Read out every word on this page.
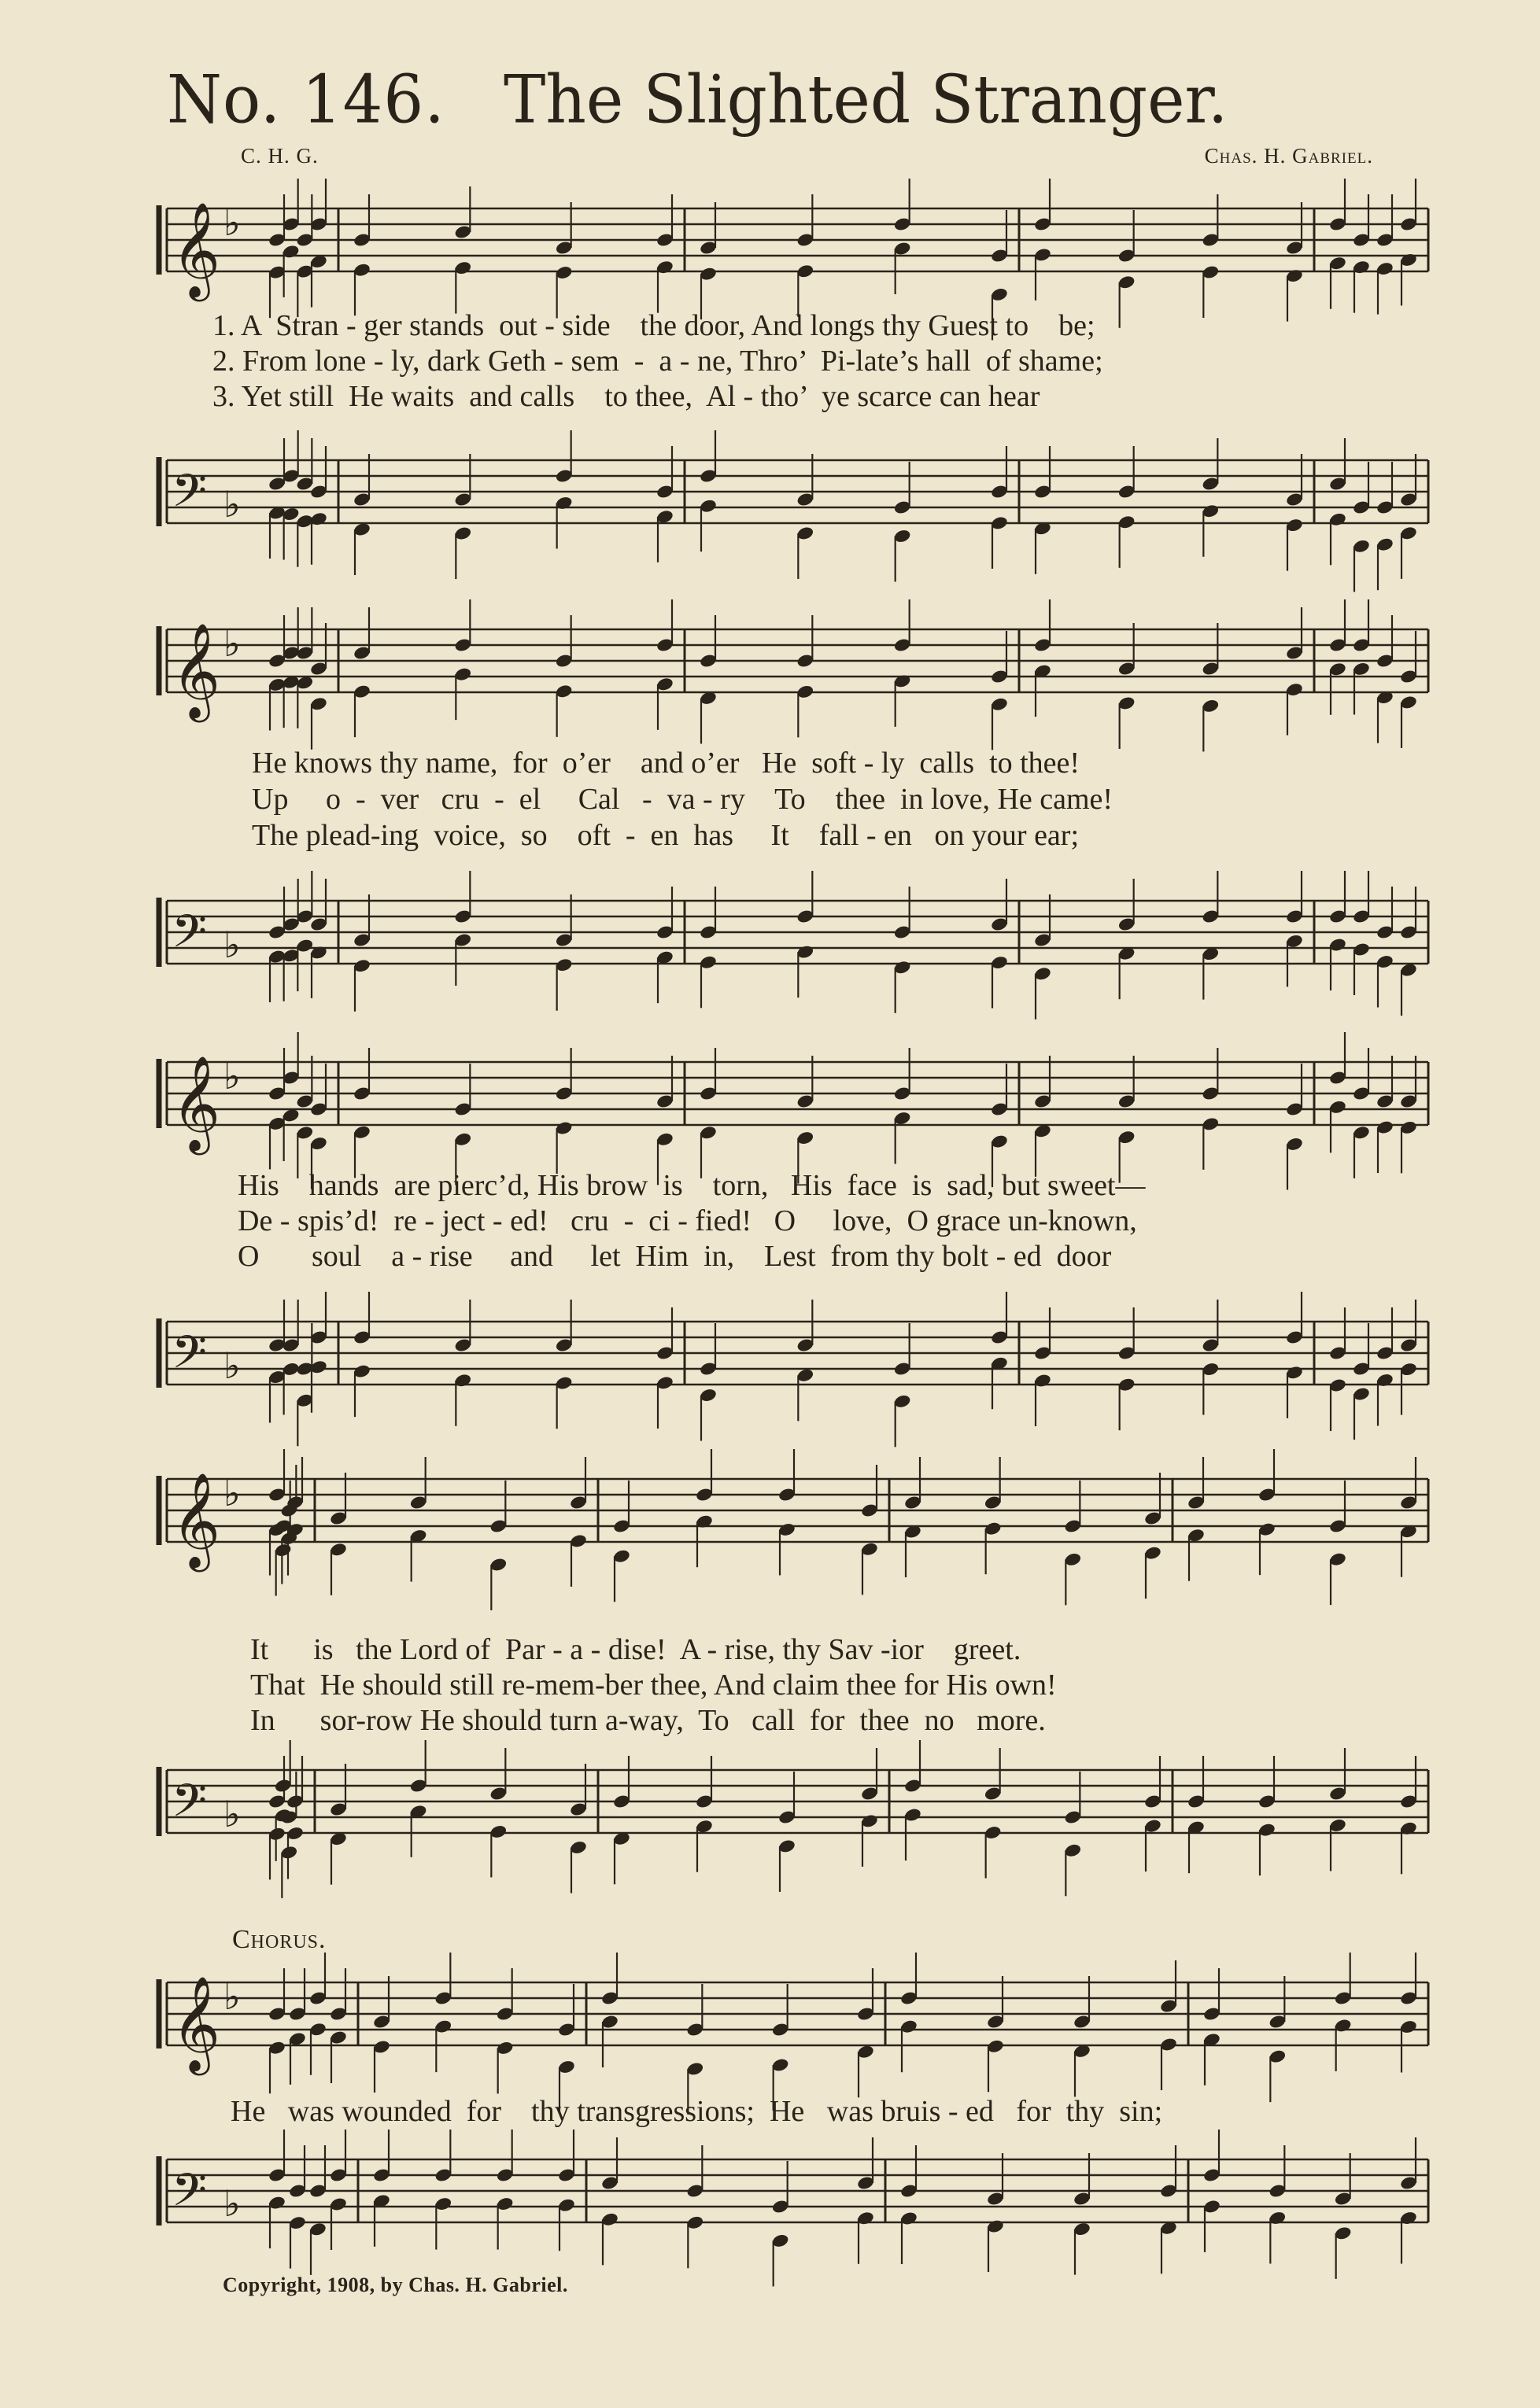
No. 146. The Slighted Stranger.
C. H. G.	Chas. H. Gabriel.
𝄞 ♭
1. A  Stran - ger stands  out - side    the door, And longs thy Guest to    be;
2. From lone - ly, dark Geth - sem  -  a - ne, Thro’  Pi-late’s hall  of shame;
3. Yet still  He waits  and calls    to thee,  Al - tho’  ye scarce can hear
𝄢 ♭
𝄞 ♭
He knows thy name,  for  o’er    and o’er   He  soft - ly  calls  to thee!
Up     o  -  ver   cru  -  el     Cal   -  va - ry    To    thee  in love, He came!
The plead-ing  voice,  so    oft  -  en  has     It    fall - en   on your ear;
𝄢 ♭
𝄞 ♭
His    hands  are pierc’d, His brow  is    torn,   His  face  is  sad, but sweet—
De - spis’d!  re - ject - ed!   cru  -  ci - fied!   O     love,  O grace un-known,
O       soul    a - rise     and     let  Him  in,    Lest  from thy bolt - ed  door
𝄢 ♭
𝄞 ♭
It      is   the Lord of  Par - a - dise!  A - rise, thy Sav -ior    greet.
That  He should still re-mem-ber thee, And claim thee for His own!
In      sor-row He should turn a-way,  To   call  for  thee  no   more.
𝄢 ♭
Chorus.
𝄞 ♭
He   was wounded  for    thy transgressions;  He   was bruis - ed   for  thy  sin;
𝄢 ♭
Copyright, 1908, by Chas. H. Gabriel.
